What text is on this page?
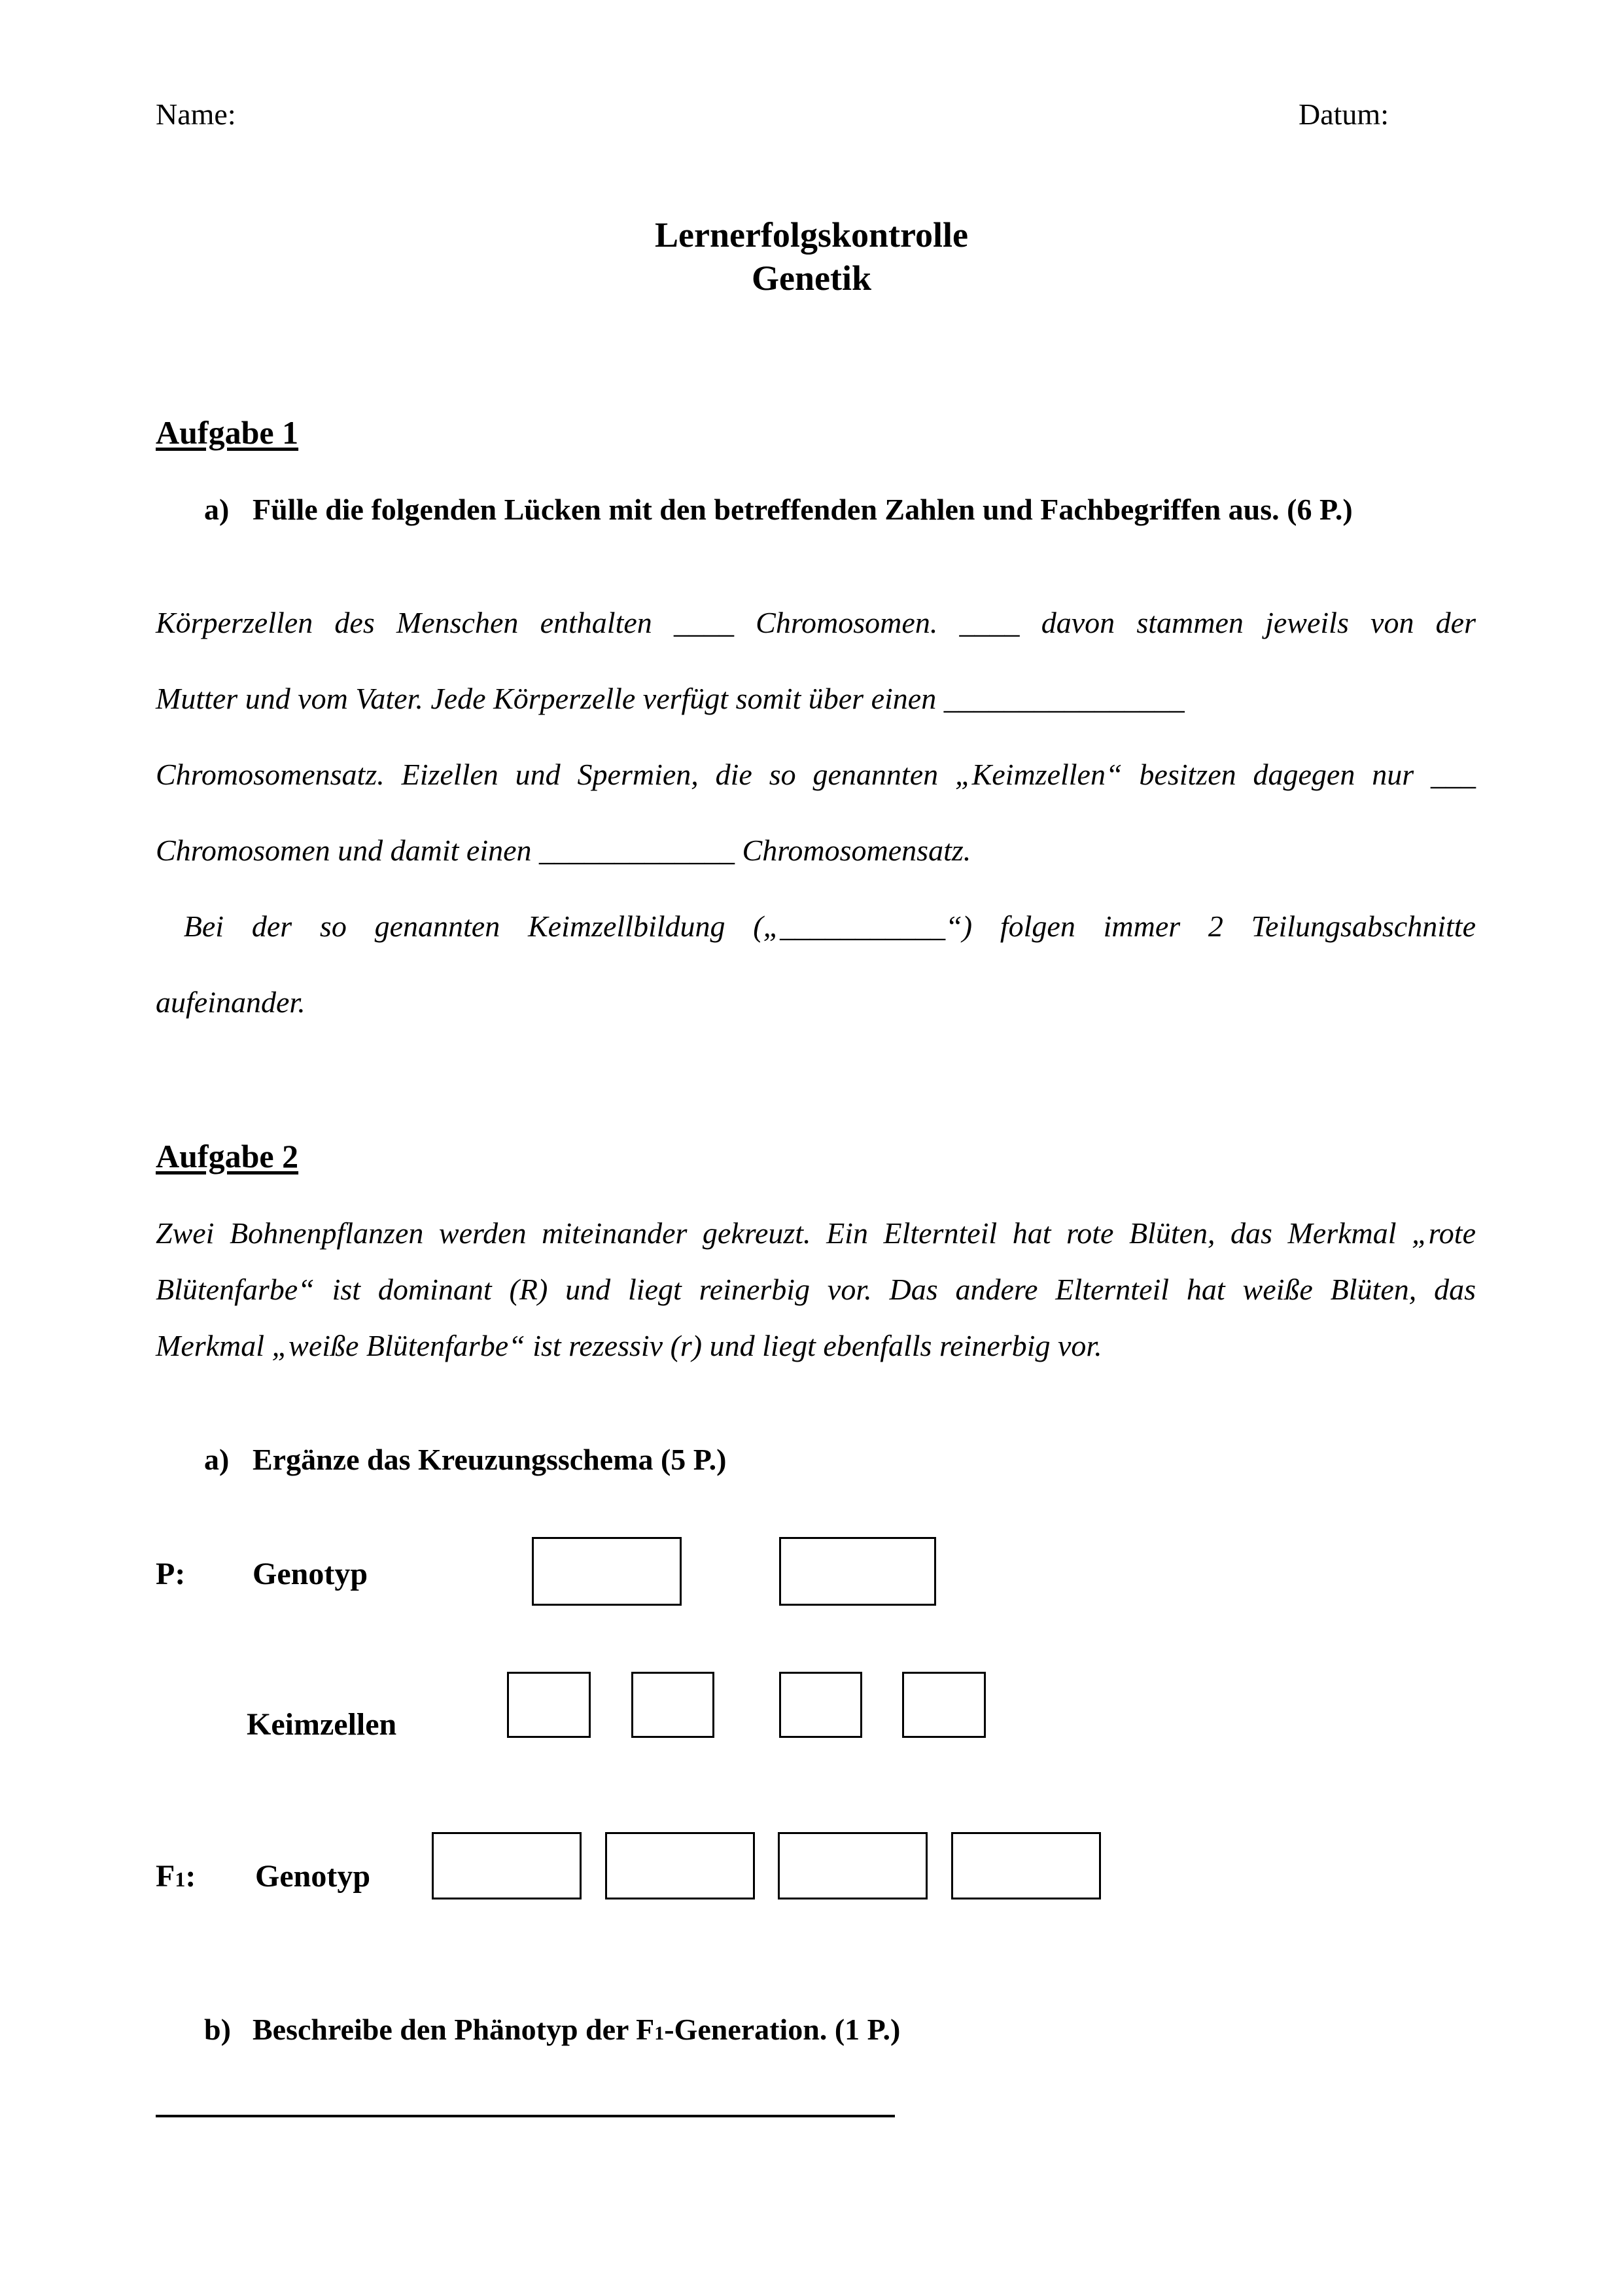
Name:	Datum:
Lernerfolgskontrolle
Genetik
Aufgabe 1
a) Fülle die folgenden Lücken mit den betreffenden Zahlen und Fachbegriffen aus. (6 P.)
Körperzellen des Menschen enthalten ____ Chromosomen. ____ davon stammen jeweils von der
Mutter und vom Vater. Jede Körperzelle verfügt somit über einen ________________
Chromosomensatz. Eizellen und Spermien, die so genannten „Keimzellen“ besitzen dagegen nur ___
Chromosomen und damit einen _____________ Chromosomensatz.
Bei der so genannten Keimzellbildung („___________“) folgen immer 2 Teilungsabschnitte
aufeinander.
Aufgabe 2
Zwei Bohnenpflanzen werden miteinander gekreuzt. Ein Elternteil hat rote Blüten, das Merkmal „rote
Blütenfarbe“ ist dominant (R) und liegt reinerbig vor. Das andere Elternteil hat weiße Blüten, das
Merkmal „weiße Blütenfarbe“ ist rezessiv (r) und liegt ebenfalls reinerbig vor.
a) Ergänze das Kreuzungsschema (5 P.)
P: Genotyp
Keimzellen
F1: Genotyp
b) Beschreibe den Phänotyp der F1-Generation. (1 P.)
